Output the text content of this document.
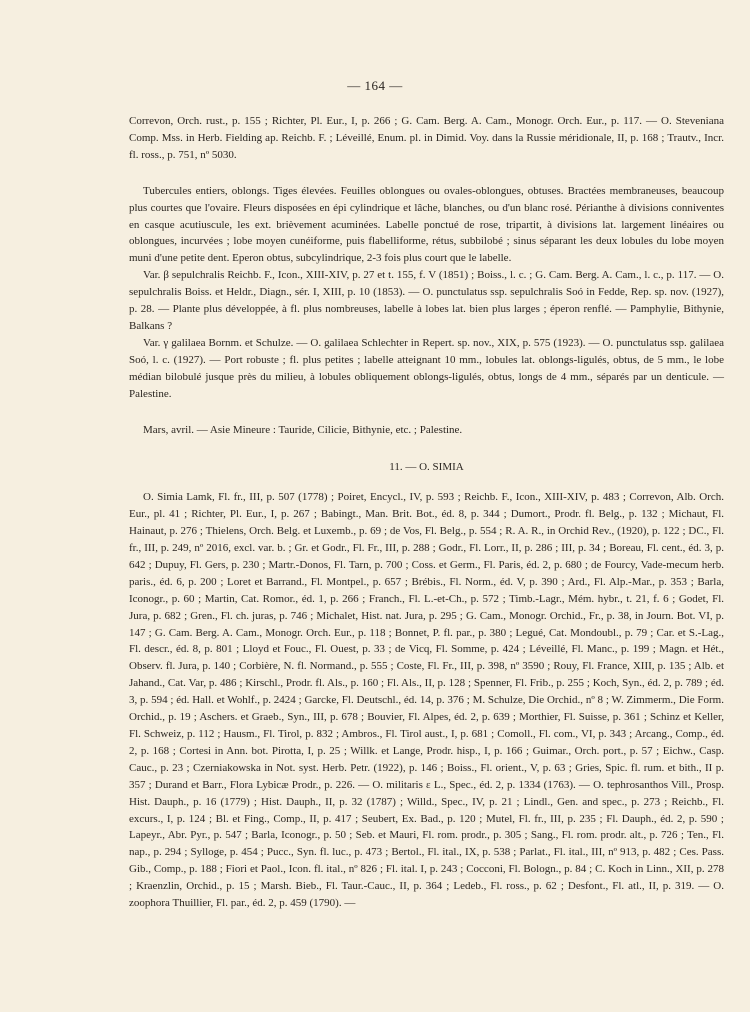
— 164 —

Correvon, Orch. rust., p. 155 ; Richter, Pl. Eur., I, p. 266 ; G. Cam. Berg. A. Cam., Monogr. Orch. Eur., p. 117. — O. Steveniana Comp. Mss. in Herb. Fielding ap. Reichb. F. ; Léveillé, Enum. pl. in Dimid. Voy. dans la Russie méridionale, II, p. 168 ; Trautv., Incr. fl. ross., p. 751, nº 5030.

Tubercules entiers, oblongs. Tiges élevées. Feuilles oblongues ou ovales-oblongues, obtuses. Bractées membraneuses, beaucoup plus courtes que l'ovaire. Fleurs disposées en épi cylindrique et lâche, blanches, ou d'un blanc rosé. Périanthe à divisions conniventes en casque acutiuscule, les ext. brièvement acuminées. Labelle ponctué de rose, tripartit, à divisions lat. largement linéaires ou oblongues, incurvées ; lobe moyen cunéiforme, puis flabelliforme, rétus, subbilobé ; sinus séparant les deux lobules du lobe moyen muni d'une petite dent. Eperon obtus, subcylindrique, 2-3 fois plus court que le labelle.

Var. β sepulchralis Reichb. F., Icon., XIII-XIV, p. 27 et t. 155, f. V (1851) ; Boiss., l. c. ; G. Cam. Berg. A. Cam., l. c., p. 117. — O. sepulchralis Boiss. et Heldr., Diagn., sér. I, XIII, p. 10 (1853). — O. punctulatus ssp. sepulchralis Soó in Fedde, Rep. sp. nov. (1927), p. 28. — Plante plus développée, à fl. plus nombreuses, labelle à lobes lat. bien plus larges ; éperon renflé. — Pamphylie, Bithynie, Balkans ?

Var. γ galilaea Bornm. et Schulze. — O. galilaea Schlechter in Repert. sp. nov., XIX, p. 575 (1923). — O. punctulatus ssp. galilaea Soó, l. c. (1927). — Port robuste ; fl. plus petites ; labelle atteignant 10 mm., lobules lat. oblongs-ligulés, obtus, de 5 mm., le lobe médian bilobulé jusque près du milieu, à lobules obliquement oblongs-ligulés, obtus, longs de 4 mm., séparés par un denticule. — Palestine.

Mars, avril. — Asie Mineure : Tauride, Cilicie, Bithynie, etc. ; Palestine.

11. — O. SIMIA

O. Simia Lamk, Fl. fr., III, p. 507 (1778) ; Poiret, Encycl., IV, p. 593 ; Reichb. F., Icon., XIII-XIV, p. 483 ; Correvon, Alb. Orch. Eur., pl. 41 ; Richter, Pl. Eur., I, p. 267 ; Babingt., Man. Brit. Bot., éd. 8, p. 344 ; Dumort., Prodr. fl. Belg., p. 132 ; Michaut, Fl. Hainaut, p. 276 ; Thielens, Orch. Belg. et Luxemb., p. 69 ; de Vos, Fl. Belg., p. 554 ; R. A. R., in Orchid Rev., (1920), p. 122 ; DC., Fl. fr., III, p. 249, nº 2016, excl. var. b. ; Gr. et Godr., Fl. Fr., III, p. 288 ; Godr., Fl. Lorr., II, p. 286 ; III, p. 34 ; Boreau, Fl. cent., éd. 3, p. 642 ; Dupuy, Fl. Gers, p. 230 ; Martr.-Donos, Fl. Tarn, p. 700 ; Coss. et Germ., Fl. Paris, éd. 2, p. 680 ; de Fourcy, Vade-mecum herb. paris., éd. 6, p. 200 ; Loret et Barrand., Fl. Montpel., p. 657 ; Brébis., Fl. Norm., éd. V, p. 390 ; Ard., Fl. Alp.-Mar., p. 353 ; Barla, Iconogr., p. 60 ; Martin, Cat. Romor., éd. 1, p. 266 ; Franch., Fl. L.-et-Ch., p. 572 ; Timb.-Lagr., Mém. hybr., t. 21, f. 6 ; Godet, Fl. Jura, p. 682 ; Gren., Fl. ch. juras, p. 746 ; Michalet, Hist. nat. Jura, p. 295 ; G. Cam., Monogr. Orchid., Fr., p. 38, in Journ. Bot. VI, p. 147 ; G. Cam. Berg. A. Cam., Monogr. Orch. Eur., p. 118 ; Bonnet, P. fl. par., p. 380 ; Legué, Cat. Mondoubl., p. 79 ; Car. et S.-Lag., Fl. descr., éd. 8, p. 801 ; Lloyd et Fouc., Fl. Ouest, p. 33 ; de Vicq, Fl. Somme, p. 424 ; Léveillé, Fl. Manc., p. 199 ; Magn. et Hét., Observ. fl. Jura, p. 140 ; Corbière, N. fl. Normand., p. 555 ; Coste, Fl. Fr., III, p. 398, nº 3590 ; Rouy, Fl. France, XIII, p. 135 ; Alb. et Jahand., Cat. Var, p. 486 ; Kirschl., Prodr. fl. Als., p. 160 ; Fl. Als., II, p. 128 ; Spenner, Fl. Frib., p. 255 ; Koch, Syn., éd. 2, p. 789 ; éd. 3, p. 594 ; éd. Hall. et Wohlf., p. 2424 ; Garcke, Fl. Deutschl., éd. 14, p. 376 ; M. Schulze, Die Orchid., nº 8 ; W. Zimmerm., Die Form. Orchid., p. 19 ; Aschers. et Graeb., Syn., III, p. 678 ; Bouvier, Fl. Alpes, éd. 2, p. 639 ; Morthier, Fl. Suisse, p. 361 ; Schinz et Keller, Fl. Schweiz, p. 112 ; Hausm., Fl. Tirol, p. 832 ; Ambros., Fl. Tirol aust., I, p. 681 ; Comoll., Fl. com., VI, p. 343 ; Arcang., Comp., éd. 2, p. 168 ; Cortesi in Ann. bot. Pirotta, I, p. 25 ; Willk. et Lange, Prodr. hisp., I, p. 166 ; Guimar., Orch. port., p. 57 ; Eichw., Casp. Cauc., p. 23 ; Czerniakowska in Not. syst. Herb. Petr. (1922), p. 146 ; Boiss., Fl. orient., V, p. 63 ; Gries, Spic. fl. rum. et bith., II p. 357 ; Durand et Barr., Flora Lybicæ Prodr., p. 226. — O. militaris ε L., Spec., éd. 2, p. 1334 (1763). — O. tephrosanthos Vill., Prosp. Hist. Dauph., p. 16 (1779) ; Hist. Dauph., II, p. 32 (1787) ; Willd., Spec., IV, p. 21 ; Lindl., Gen. and spec., p. 273 ; Reichb., Fl. excurs., I, p. 124 ; Bl. et Fing., Comp., II, p. 417 ; Seubert, Ex. Bad., p. 120 ; Mutel, Fl. fr., III, p. 235 ; Fl. Dauph., éd. 2, p. 590 ; Lapeyr., Abr. Pyr., p. 547 ; Barla, Iconogr., p. 50 ; Seb. et Mauri, Fl. rom. prodr., p. 305 ; Sang., Fl. rom. prodr. alt., p. 726 ; Ten., Fl. nap., p. 294 ; Sylloge, p. 454 ; Pucc., Syn. fl. luc., p. 473 ; Bertol., Fl. ital., IX, p. 538 ; Parlat., Fl. ital., III, nº 913, p. 482 ; Ces. Pass. Gib., Comp., p. 188 ; Fiori et Paol., Icon. fl. ital., nº 826 ; Fl. ital. I, p. 243 ; Cocconi, Fl. Bologn., p. 84 ; C. Koch in Linn., XII, p. 278 ; Kraenzlin, Orchid., p. 15 ; Marsh. Bieb., Fl. Taur.-Cauc., II, p. 364 ; Ledeb., Fl. ross., p. 62 ; Desfont., Fl. atl., II, p. 319. — O. zoophora Thuillier, Fl. par., éd. 2, p. 459 (1790). —
